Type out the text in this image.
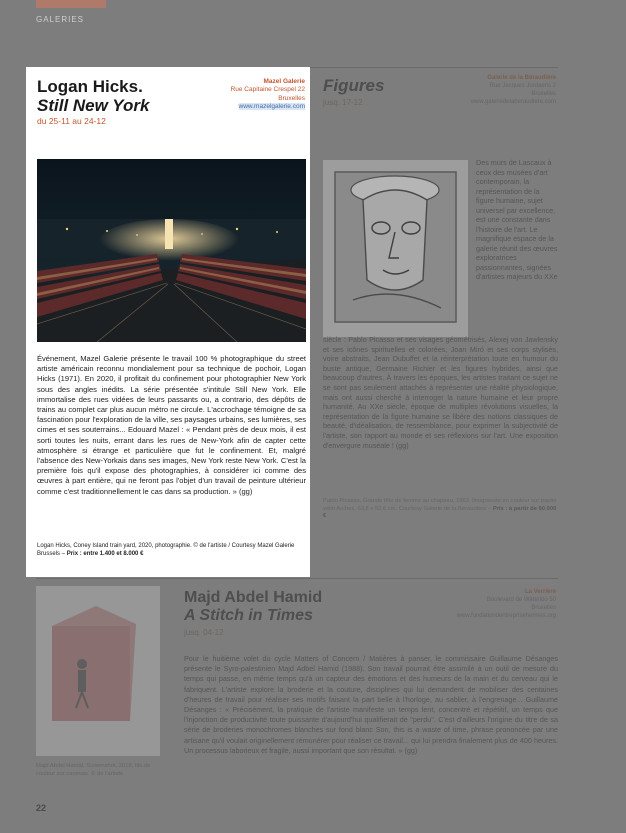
GALERIES
Figures
jusq. 17-12
Galerie de la Béraudière
Rue Jacques Jordaens 2
Bruxelles
www.galeriedelaberaudiere.com
Des murs de Lascaux à ceux des musées d'art contemporain, la représentation de la figure humaine, sujet universel par excellence, est une constante dans l'histoire de l'art. Le magnifique espace de la galerie réunit des œuvres exploratrices passionnantes, signées d'artistes majeurs du XXe
siècle : Pablo Picasso et ses visages géométrisés, Alexej von Jawlensky et ses icônes spirituelles et colorées, Joan Miró et ses corps stylisés, voire abstraits, Jean Dubuffet et la réinterprétation toute en humour du buste antique, Germaine Richier et les figures hybrides, ainsi que beaucoup d'autres. À travers les époques, les artistes traitant ce sujet ne se sont pas seulement attachés à représenter une réalité physiologique, mais ont aussi cherché à interroger la nature humaine et leur propre humanité. Au XXe siècle, époque de multiples révolutions visuelles, la représentation de la figure humaine se libère des notions classiques de beauté, d'idéalisation, de ressemblance, pour exprimer la subjectivité de l'artiste, son rapport au monde et ses réflexions sur l'art. Une exposition d'envergure muséale ! (gg)
Pablo Picasso, Grande tête de femme au chapeau, 1962, linogravure en couleur sur papier vélin Arches, 63,8 x 52,6 cm. Courtesy Galerie de la Béraudière – Prix : à partir de 60.000 €
Majd Abdel Hamid
A Stitch in Times
jusq. 04-12
La Verrière
Boulevard de Waterloo 50
Bruxelles
www.fondationdentreprisehermes.org
Pour le huitième volet du cycle Matters of Concern / Matières à panser, le commissaire Guillaume Désanges présente le Syro-palestinien Majd Adbel Hamid (1988). Son travail pourrait être assimilé à un outil de mesure du temps qui passe, en même temps qu'à un capteur des émotions et des humeurs de la main et du cerveau qui le fabriquent. L'artiste explore la broderie et la couture, disciplines qui lui demandent de mobiliser des centaines d'heures de travail pour réaliser ses motifs faisant la part belle à l'horloge, au sablier, à l'engrenage... Guillaume Désanges : « Précisément, la pratique de l'artiste manifeste un temps lent, concentré et répétitif, un temps que l'injonction de productivité toute puissante d'aujourd'hui qualifierait de "perdu". C'est d'ailleurs l'origine du titre de sa série de broderies monochromes blanches sur fond blanc Son, this is a waste of time, phrase prononcée par une artisane qu'il voulait originellement rémunérer pour réaliser ce travail... qui lui prendra finalement plus de 400 heures. Un processus laborieux et fragile, aussi important que son résultat. » (gg)
Majd Abdel Hamid, Screenshot, 2018, fils de couleur sur canevas. © de l'artiste
22
Logan Hicks.
Still New York
du 25-11 au 24-12
Mazel Galerie
Rue Capitaine Crespel 22
Bruxelles
www.mazelgalerie.com
Événement, Mazel Galerie présente le travail 100 % photographique du street artiste américain reconnu mondialement pour sa technique de pochoir, Logan Hicks (1971). En 2020, il profitait du confinement pour photographier New York sous des angles inédits. La série présentée s'intitule Still New York. Elle immortalise des rues vidées de leurs passants ou, a contrario, des dépôts de trains au complet car plus aucun métro ne circule. L'accrochage témoigne de sa fascination pour l'exploration de la ville, ses paysages urbains, ses lumières, ses cimes et ses souterrains... Edouard Mazel : « Pendant près de deux mois, il est sorti toutes les nuits, errant dans les rues de New-York afin de capter cette atmosphère si étrange et particulière que fut le confinement. Et, malgré l'absence des New-Yorkais dans ses images, New York reste New York. C'est la première fois qu'il expose des photographies, à considérer ici comme des œuvres à part entière, qui ne feront pas l'objet d'un travail de peinture ultérieur comme c'est traditionnellement le cas dans sa production. » (gg)
Logan Hicks, Coney Island train yard, 2020, photographie. © de l'artiste / Courtesy Mazel Galerie Brussels – Prix : entre 1.400 et 8.000 €
